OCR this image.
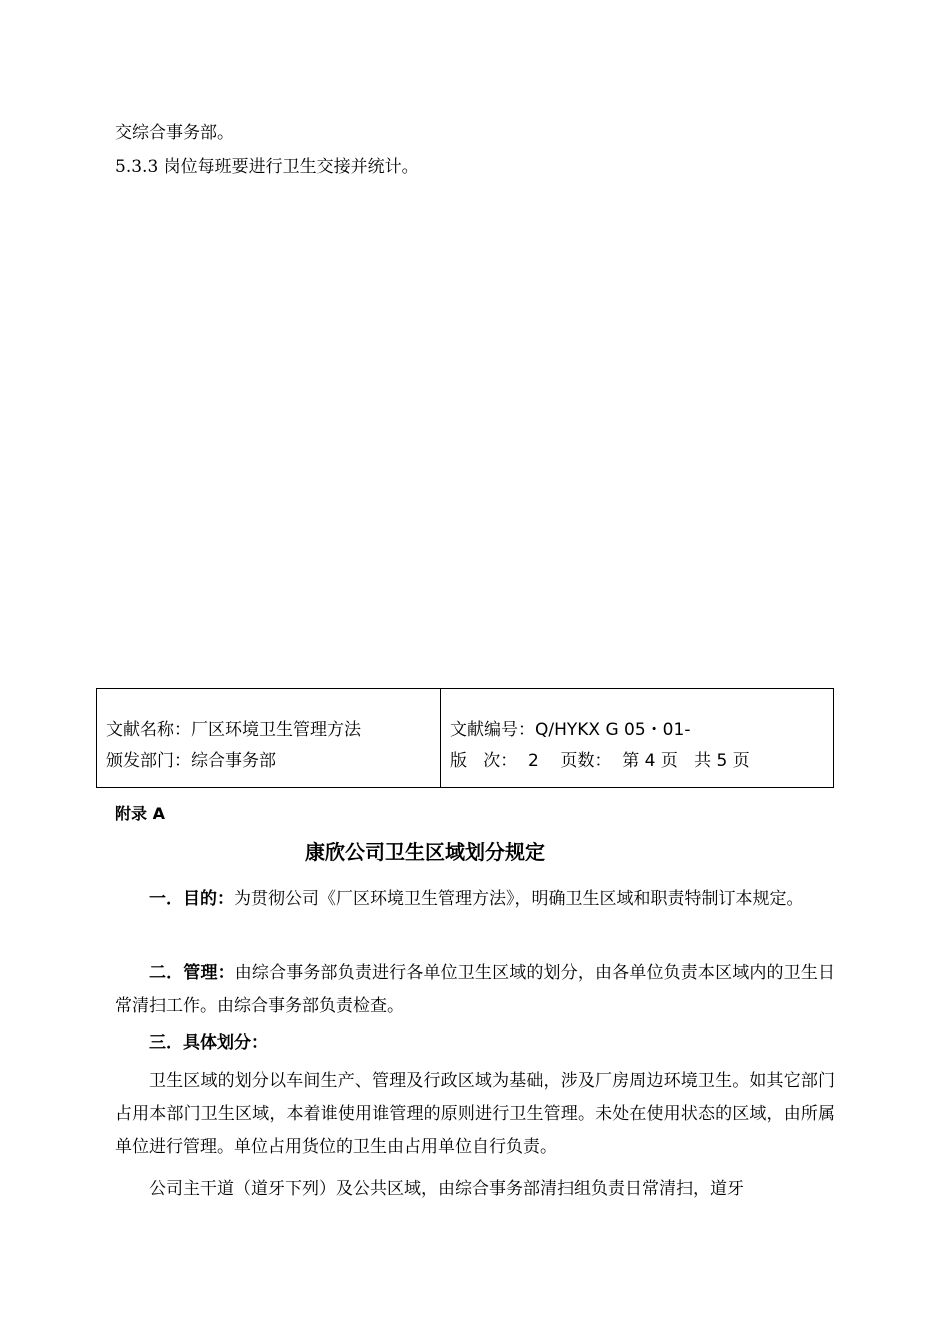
交综合事务部。
5.3.3 岗位每班要进行卫生交接并统计。
文献名称：厂区环境卫生管理方法
颁发部门：综合事务部
文献编号：Q/HYKX G 05・01-
版   次：  2    页数：  第 4 页   共 5 页
附录 A
康欣公司卫生区域划分规定
一．目的：为贯彻公司《厂区环境卫生管理方法》，明确卫生区域和职责特制订本规定。
二．管理：由综合事务部负责进行各单位卫生区域的划分，由各单位负责本区域内的卫生日常清扫工作。由综合事务部负责检查。
三．具体划分：
卫生区域的划分以车间生产、管理及行政区域为基础，涉及厂房周边环境卫生。如其它部门占用本部门卫生区域，本着谁使用谁管理的原则进行卫生管理。未处在使用状态的区域，由所属单位进行管理。单位占用货位的卫生由占用单位自行负责。
公司主干道（道牙下列）及公共区域，由综合事务部清扫组负责日常清扫，道牙
